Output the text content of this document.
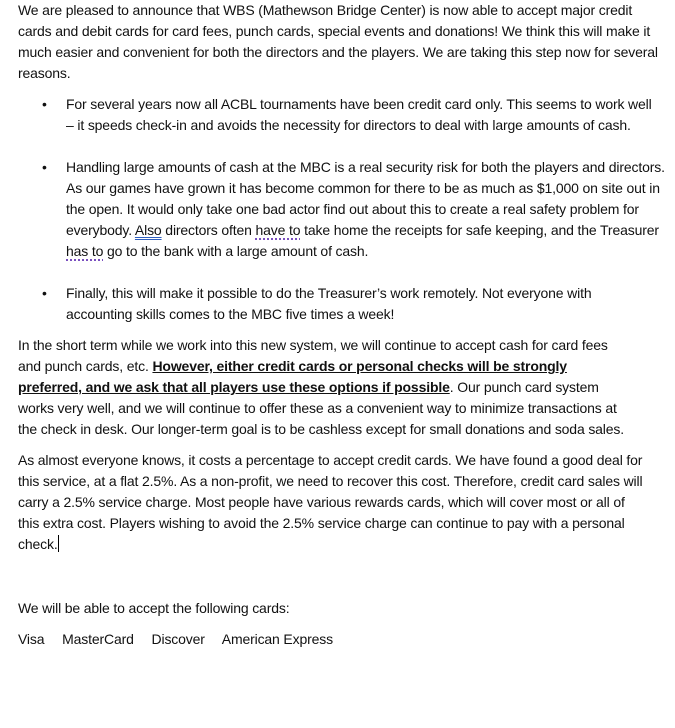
We are pleased to announce that WBS (Mathewson Bridge Center) is now able to accept major credit cards and debit cards for card fees, punch cards, special events and donations! We think this will make it much easier and convenient for both the directors and the players. We are taking this step now for several reasons.

• For several years now all ACBL tournaments have been credit card only. This seems to work well – it speeds check-in and avoids the necessity for directors to deal with large amounts of cash.
• Handling large amounts of cash at the MBC is a real security risk for both the players and directors. As our games have grown it has become common for there to be as much as $1,000 on site out in the open. It would only take one bad actor find out about this to create a real safety problem for everybody. Also directors often have to take home the receipts for safe keeping, and the Treasurer has to go to the bank with a large amount of cash.
• Finally, this will make it possible to do the Treasurer’s work remotely. Not everyone with accounting skills comes to the MBC five times a week!

In the short term while we work into this new system, we will continue to accept cash for card fees and punch cards, etc. However, either credit cards or personal checks will be strongly preferred, and we ask that all players use these options if possible. Our punch card system works very well, and we will continue to offer these as a convenient way to minimize transactions at the check in desk. Our longer-term goal is to be cashless except for small donations and soda sales.

As almost everyone knows, it costs a percentage to accept credit cards. We have found a good deal for this service, at a flat 2.5%. As a non-profit, we need to recover this cost. Therefore, credit card sales will carry a 2.5% service charge. Most people have various rewards cards, which will cover most or all of this extra cost. Players wishing to avoid the 2.5% service charge can continue to pay with a personal check.

We will be able to accept the following cards:

Visa MasterCard Discover American Express
